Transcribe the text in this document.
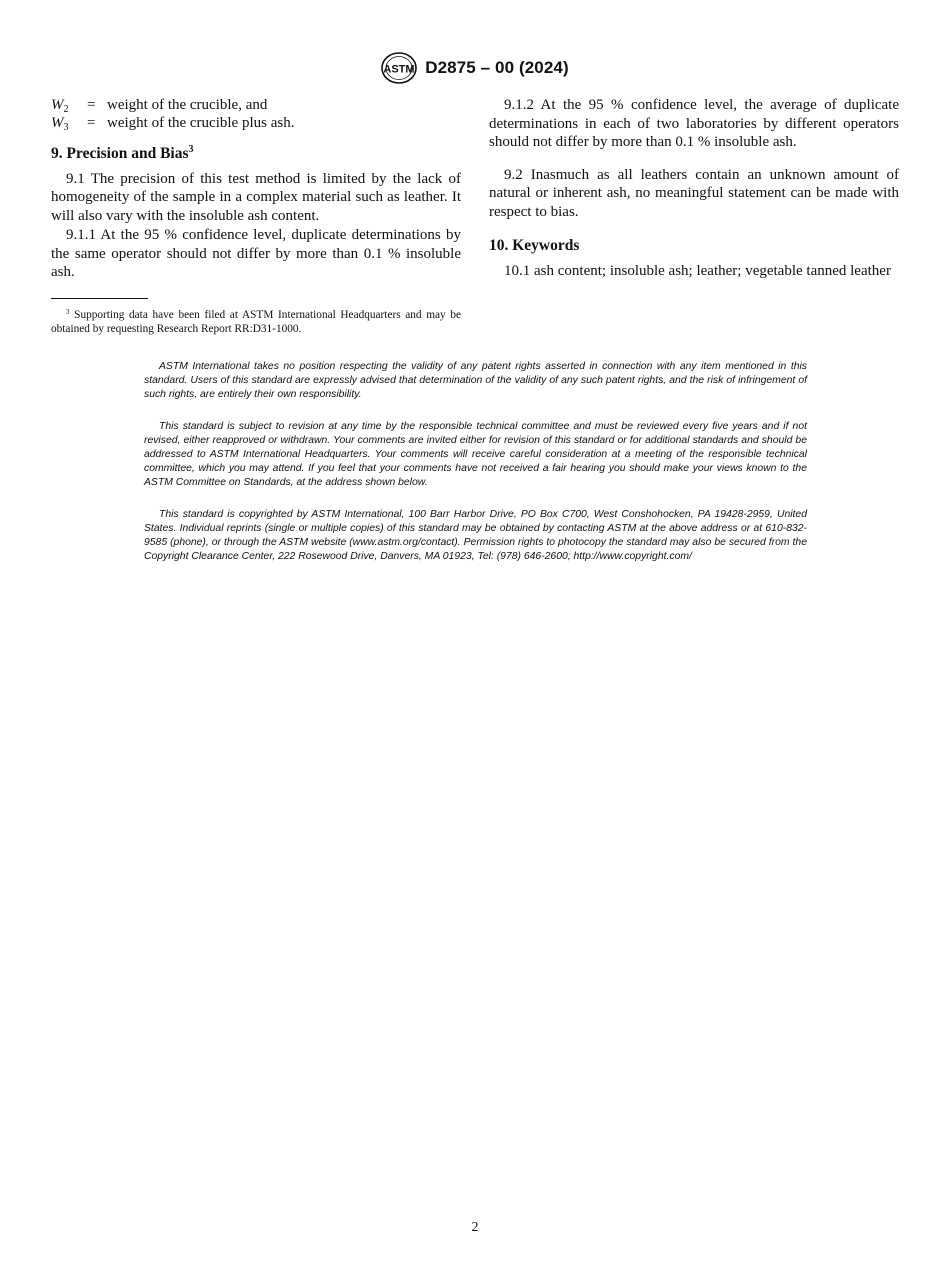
ASTM D2875 – 00 (2024)
$W_2$	= weight of the crucible, and
$W_3$	= weight of the crucible plus ash.
9. Precision and Bias$^3$

9.1 The precision of this test method is limited by the lack of homogeneity of the sample in a complex material such as leather. It will also vary with the insoluble ash content.

9.1.1 At the 95 % confidence level, duplicate determinations by the same operator should not differ by more than 0.1 % insoluble ash.

$^3$ Supporting data have been filed at ASTM International Headquarters and may be obtained by requesting Research Report RR:D31-1000.

9.1.2 At the 95 % confidence level, the average of duplicate determinations in each of two laboratories by different operators should not differ by more than 0.1 % insoluble ash.

9.2 Inasmuch as all leathers contain an unknown amount of natural or inherent ash, no meaningful statement can be made with respect to bias.

10. Keywords

10.1 ash content; insoluble ash; leather; vegetable tanned leather

ASTM International takes no position respecting the validity of any patent rights asserted in connection with any item mentioned in this standard. Users of this standard are expressly advised that determination of the validity of any such patent rights, and the risk of infringement of such rights, are entirely their own responsibility.

This standard is subject to revision at any time by the responsible technical committee and must be reviewed every five years and if not revised, either reapproved or withdrawn. Your comments are invited either for revision of this standard or for additional standards and should be addressed to ASTM International Headquarters. Your comments will receive careful consideration at a meeting of the responsible technical committee, which you may attend. If you feel that your comments have not received a fair hearing you should make your views known to the ASTM Committee on Standards, at the address shown below.

This standard is copyrighted by ASTM International, 100 Barr Harbor Drive, PO Box C700, West Conshohocken, PA 19428-2959, United States. Individual reprints (single or multiple copies) of this standard may be obtained by contacting ASTM at the above address or at 610-832-9585 (phone), or through the ASTM website (www.astm.org/contact). Permission rights to photocopy the standard may also be secured from the Copyright Clearance Center, 222 Rosewood Drive, Danvers, MA 01923, Tel: (978) 646-2600; http://www.copyright.com/

2
